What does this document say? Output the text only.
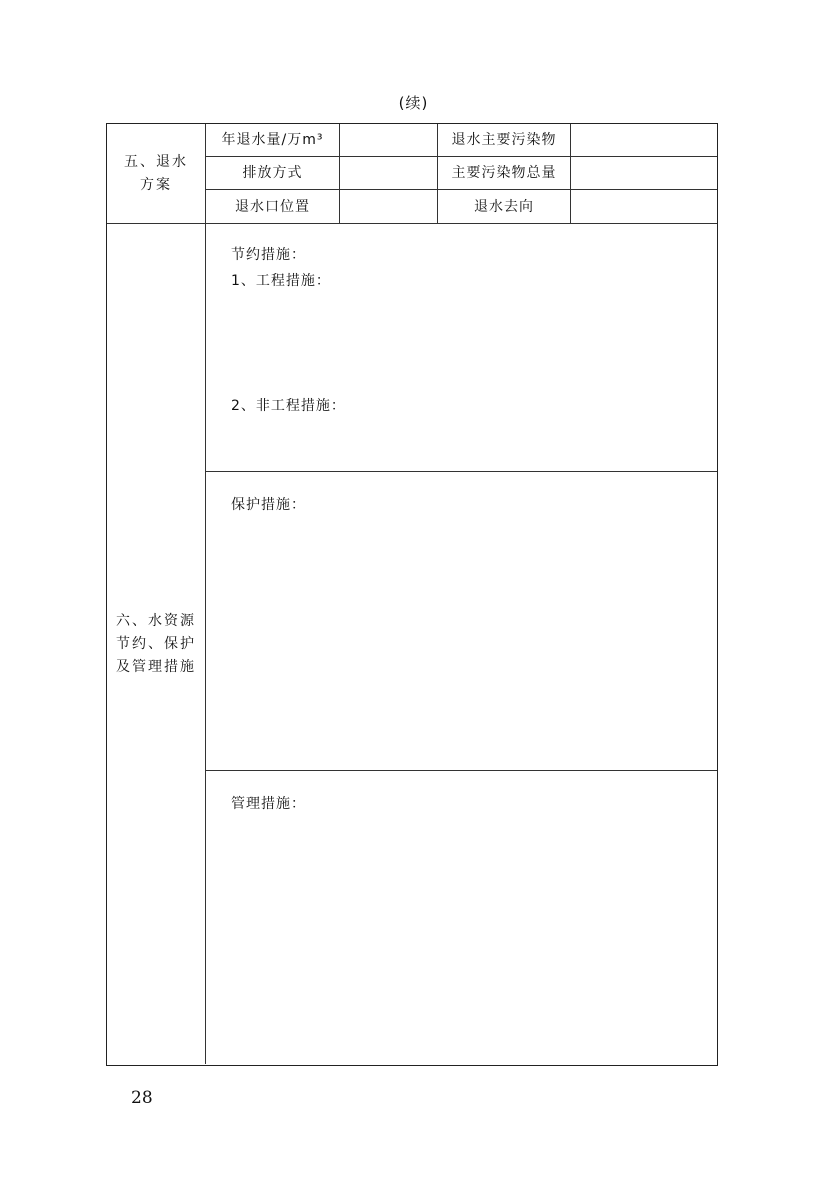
(续)
五、退水
方案
年退水量/万m³	退水主要污染物
排放方式	主要污染物总量
退水口位置	退水去向
六、水资源
节约、保护
及管理措施
节约措施：
1、工程措施：
2、非工程措施：
保护措施：
管理措施：
28
